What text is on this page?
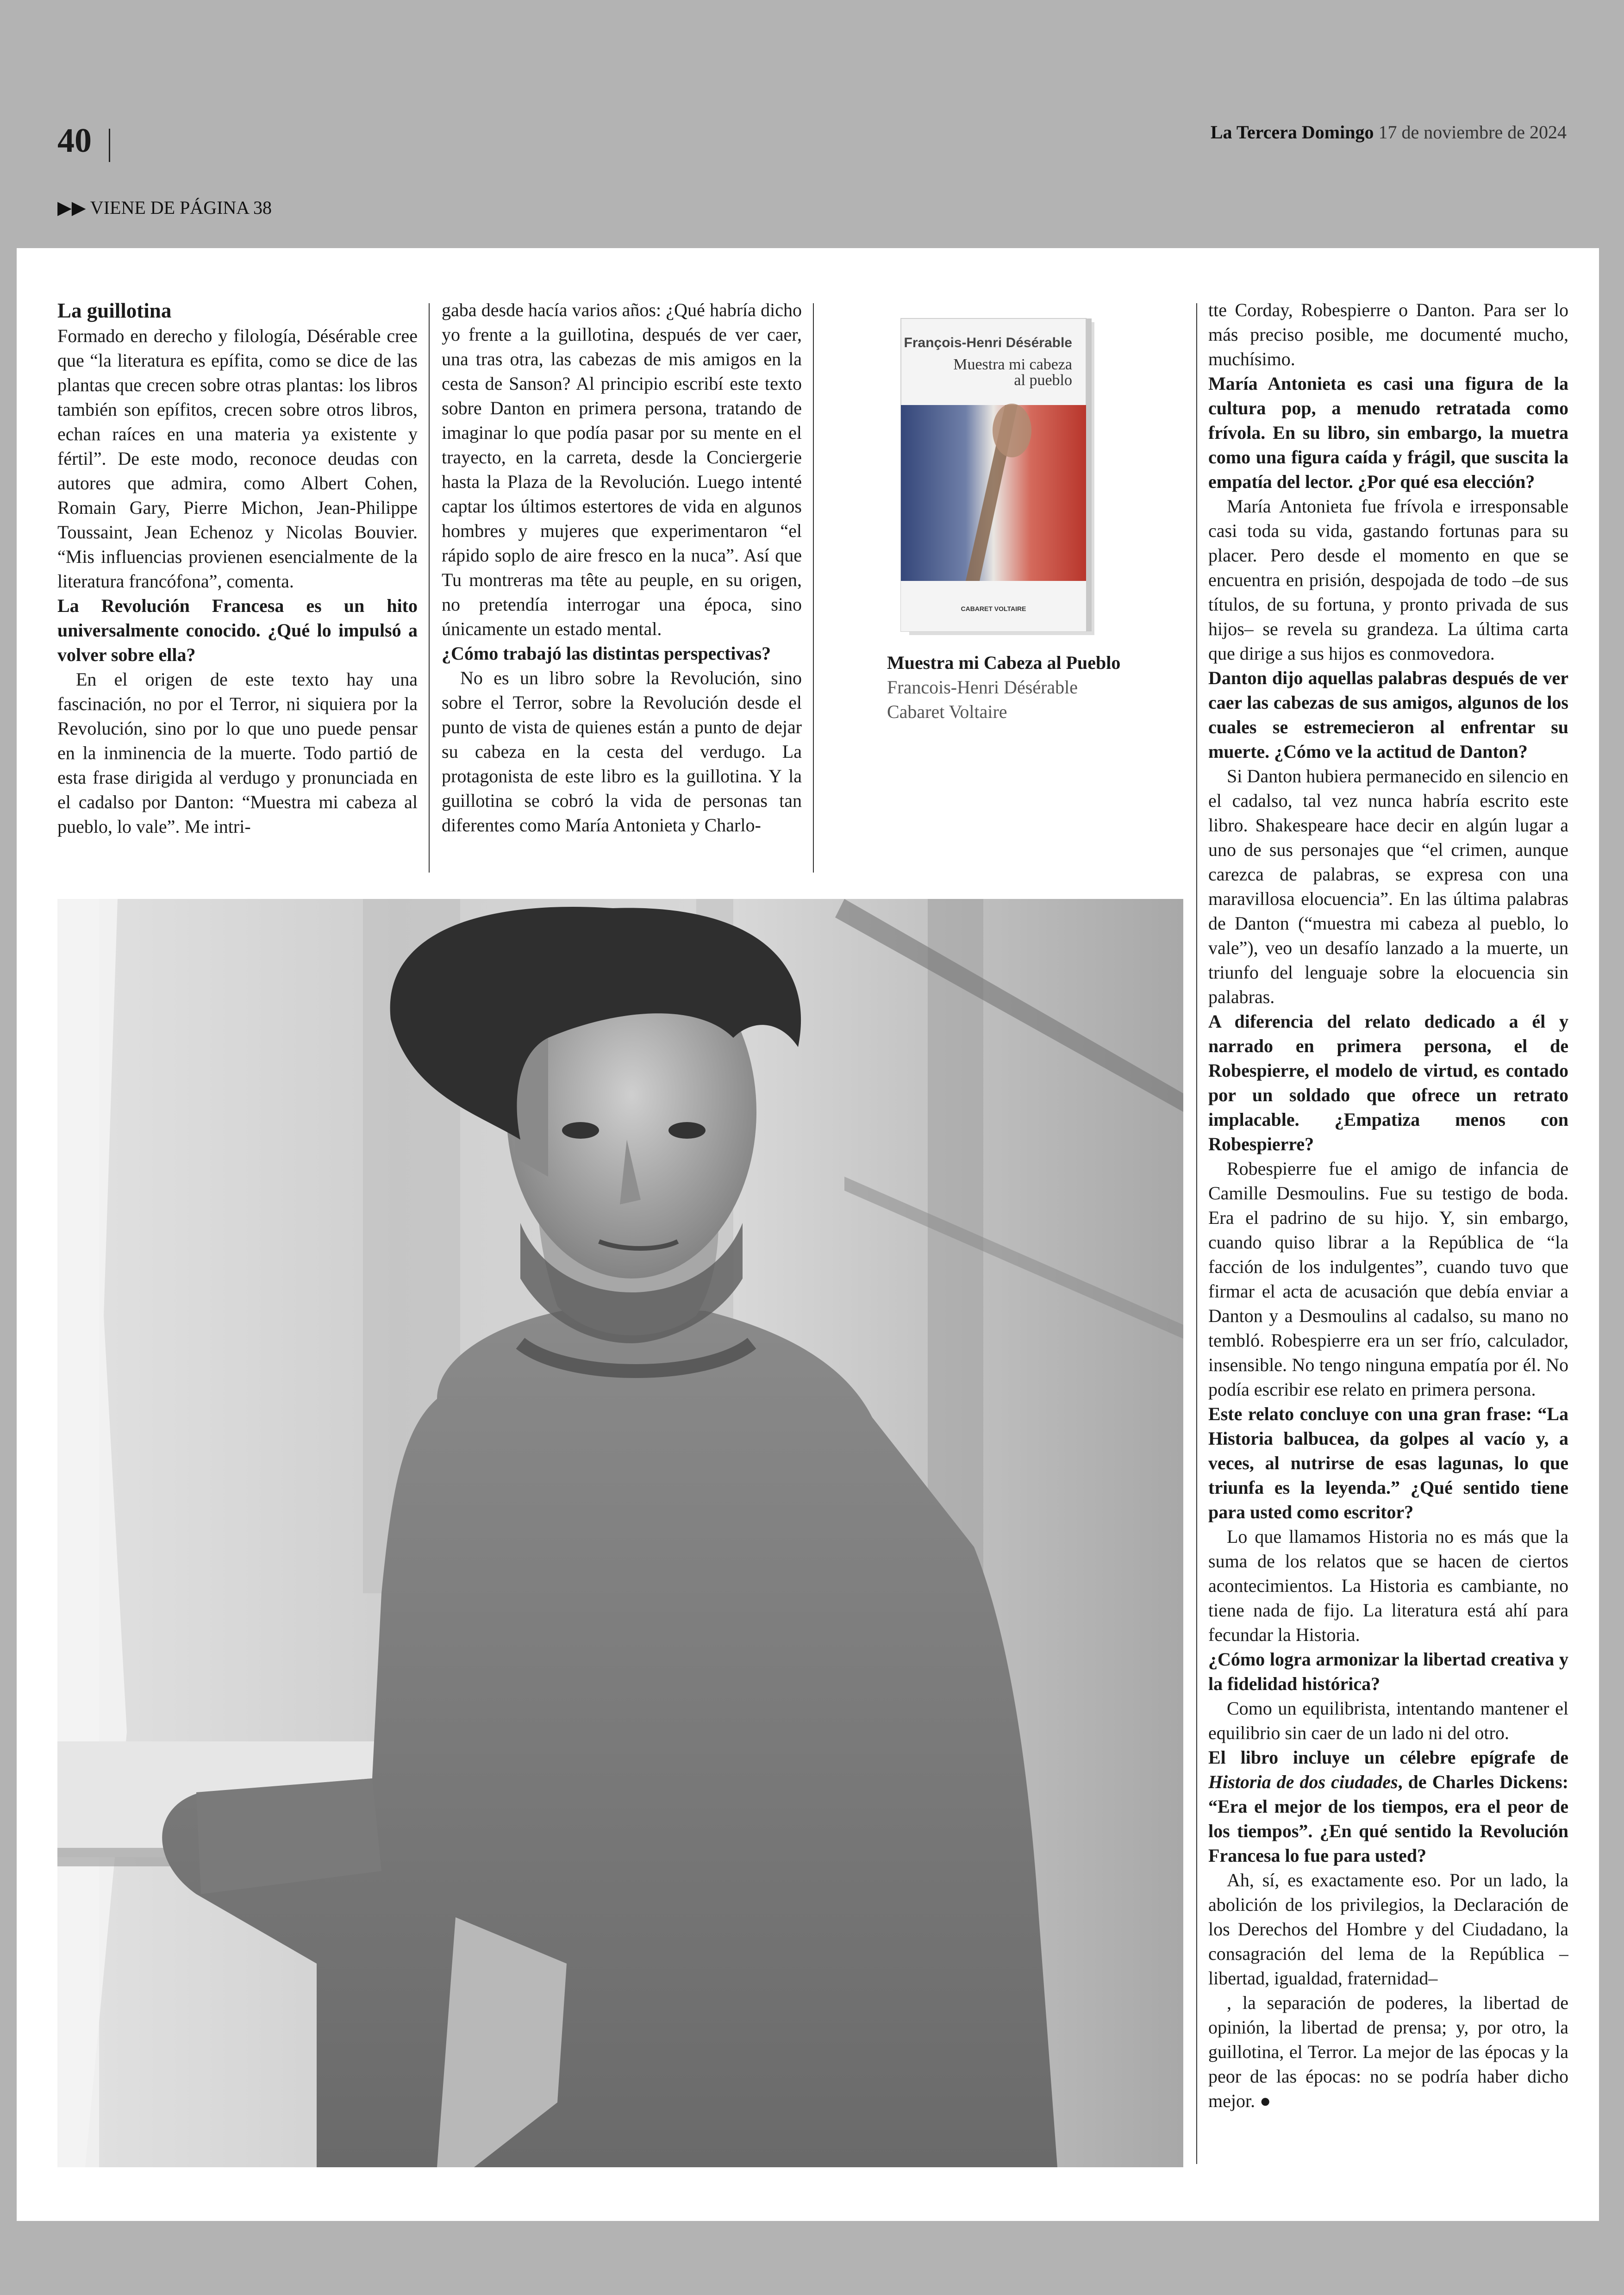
40	La Tercera Domingo 17 de noviembre de 2024
▶▶ VIENE DE PÁGINA 38
La guillotina

Formado en derecho y filología, Désérable cree que “la literatura es epífita, como se dice de las plantas que crecen sobre otras plantas: los libros también son epífitos, crecen sobre otros libros, echan raíces en una materia ya existente y fértil”. De este modo, reconoce deudas con autores que admira, como Albert Cohen, Romain Gary, Pierre Michon, Jean-Philippe Toussaint, Jean Echenoz y Nicolas Bouvier. “Mis influencias provienen esencialmente de la literatura francófona”, comenta.

La Revolución Francesa es un hito universalmente conocido. ¿Qué lo impulsó a volver sobre ella?

En el origen de este texto hay una fascinación, no por el Terror, ni siquiera por la Revolución, sino por lo que uno puede pensar en la inminencia de la muerte. Todo partió de esta frase dirigida al verdugo y pronunciada en el cadalso por Danton: “Muestra mi cabeza al pueblo, lo vale”. Me intri-

gaba desde hacía varios años: ¿Qué habría dicho yo frente a la guillotina, después de ver caer, una tras otra, las cabezas de mis amigos en la cesta de Sanson? Al principio escribí este texto sobre Danton en primera persona, tratando de imaginar lo que podía pasar por su mente en el trayecto, en la carreta, desde la Conciergerie hasta la Plaza de la Revolución. Luego intenté captar los últimos estertores de vida en algunos hombres y mujeres que experimentaron “el rápido soplo de aire fresco en la nuca”. Así que Tu montreras ma tête au peuple, en su origen, no pretendía interrogar una época, sino únicamente un estado mental.

¿Cómo trabajó las distintas perspectivas?

No es un libro sobre la Revolución, sino sobre el Terror, sobre la Revolución desde el punto de vista de quienes están a punto de dejar su cabeza en la cesta del verdugo. La protagonista de este libro es la guillotina. Y la guillotina se cobró la vida de personas tan diferentes como María Antonieta y Charlo-

François-Henri Désérable
Muestra mi cabeza
al pueblo
CABARET VOLTAIRE
Muestra mi Cabeza al Pueblo
Francois-Henri Désérable
Cabaret Voltaire

tte Corday, Robespierre o Danton. Para ser lo más preciso posible, me documenté mucho, muchísimo.

María Antonieta es casi una figura de la cultura pop, a menudo retratada como frívola. En su libro, sin embargo, la muetra como una figura caída y frágil, que suscita la empatía del lector. ¿Por qué esa elección?

María Antonieta fue frívola e irresponsable casi toda su vida, gastando fortunas para su placer. Pero desde el momento en que se encuentra en prisión, despojada de todo –de sus títulos, de su fortuna, y pronto privada de sus hijos– se revela su grandeza. La última carta que dirige a sus hijos es conmovedora.

Danton dijo aquellas palabras después de ver caer las cabezas de sus amigos, algunos de los cuales se estremecieron al enfrentar su muerte. ¿Cómo ve la actitud de Danton?

Si Danton hubiera permanecido en silencio en el cadalso, tal vez nunca habría escrito este libro. Shakespeare hace decir en algún lugar a uno de sus personajes que “el crimen, aunque carezca de palabras, se expresa con una maravillosa elocuencia”. En las última palabras de Danton (“muestra mi cabeza al pueblo, lo vale”), veo un desafío lanzado a la muerte, un triunfo del lenguaje sobre la elocuencia sin palabras.

A diferencia del relato dedicado a él y narrado en primera persona, el de Robespierre, el modelo de virtud, es contado por un soldado que ofrece un retrato implacable. ¿Empatiza menos con Robespierre?

Robespierre fue el amigo de infancia de Camille Desmoulins. Fue su testigo de boda. Era el padrino de su hijo. Y, sin embargo, cuando quiso librar a la República de “la facción de los indulgentes”, cuando tuvo que firmar el acta de acusación que debía enviar a Danton y a Desmoulins al cadalso, su mano no tembló. Robespierre era un ser frío, calculador, insensible. No tengo ninguna empatía por él. No podía escribir ese relato en primera persona.

Este relato concluye con una gran frase: “La Historia balbucea, da golpes al vacío y, a veces, al nutrirse de esas lagunas, lo que triunfa es la leyenda.” ¿Qué sentido tiene para usted como escritor?

Lo que llamamos Historia no es más que la suma de los relatos que se hacen de ciertos acontecimientos. La Historia es cambiante, no tiene nada de fijo. La literatura está ahí para fecundar la Historia.

¿Cómo logra armonizar la libertad creativa y la fidelidad histórica?

Como un equilibrista, intentando mantener el equilibrio sin caer de un lado ni del otro.

El libro incluye un célebre epígrafe de Historia de dos ciudades, de Charles Dickens: “Era el mejor de los tiempos, era el peor de los tiempos”. ¿En qué sentido la Revolución Francesa lo fue para usted?

Ah, sí, es exactamente eso. Por un lado, la abolición de los privilegios, la Declaración de los Derechos del Hombre y del Ciudadano, la consagración del lema de la República –libertad, igualdad, fraternidad–

, la separación de poderes, la libertad de opinión, la libertad de prensa; y, por otro, la guillotina, el Terror. La mejor de las épocas y la peor de las épocas: no se podría haber dicho mejor. ●
